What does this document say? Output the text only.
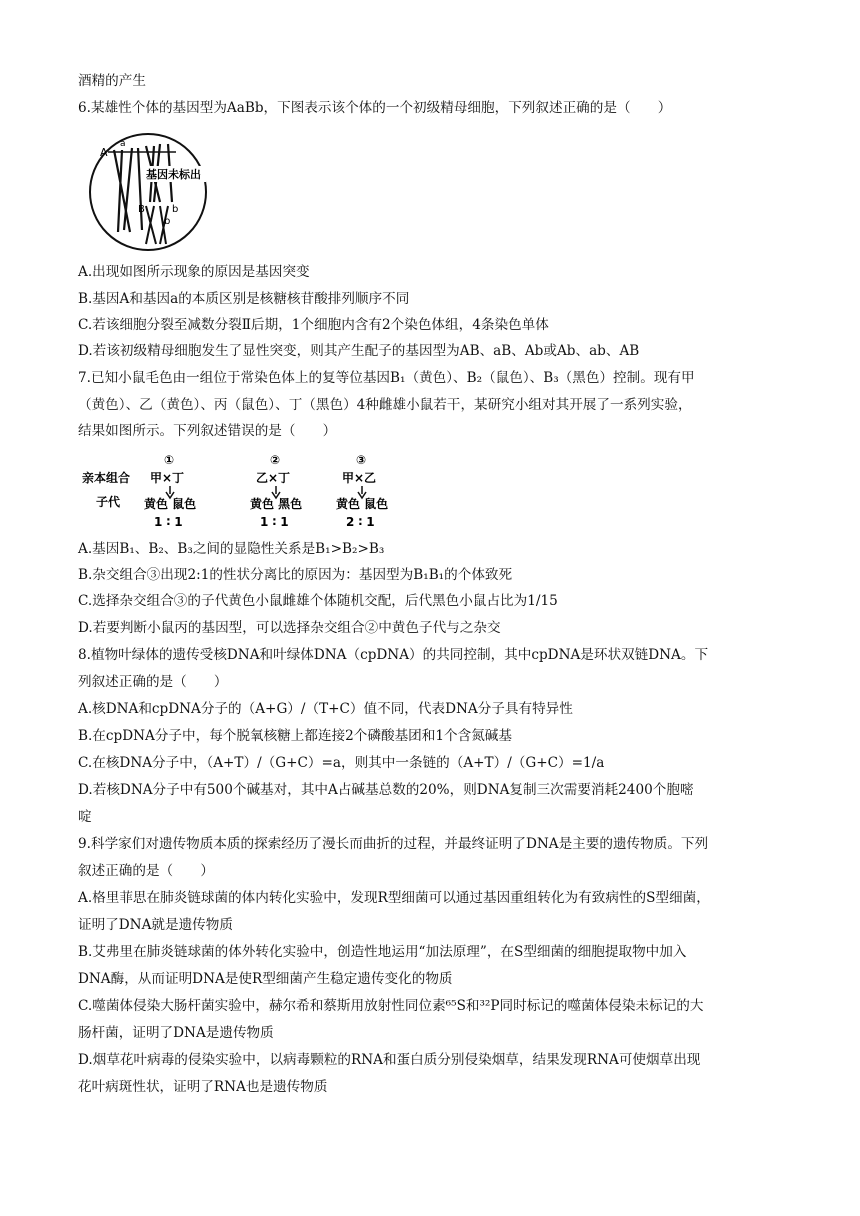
酒精的产生
6.某雄性个体的基因型为AaBb，下图表示该个体的一个初级精母细胞，下列叙述正确的是（　　）
A
a
B	b
b
基因未标出
A.出现如图所示现象的原因是基因突变
B.基因A和基因a的本质区别是核糖核苷酸排列顺序不同
C.若该细胞分裂至减数分裂Ⅱ后期，1个细胞内含有2个染色体组，4条染色单体
D.若该初级精母细胞发生了显性突变，则其产生配子的基因型为AB、aB、Ab或Ab、ab、AB
7.已知小鼠毛色由一组位于常染色体上的复等位基因B₁（黄色）、B₂（鼠色）、B₃（黑色）控制。现有甲
（黄色）、乙（黄色）、丙（鼠色）、丁（黑色）4种雌雄小鼠若干，某研究小组对其开展了一系列实验，
结果如图所示。下列叙述错误的是（　　）
亲本组合
子代
①
甲×丁
黄色 鼠色
1 ∶ 1
②
乙×丁
黄色 黑色
1 ∶ 1
③
甲×乙
黄色 鼠色
2 ∶ 1
A.基因B₁、B₂、B₃之间的显隐性关系是B₁>B₂>B₃
B.杂交组合③出现2:1的性状分离比的原因为：基因型为B₁B₁的个体致死
C.选择杂交组合③的子代黄色小鼠雌雄个体随机交配，后代黑色小鼠占比为1/15
D.若要判断小鼠丙的基因型，可以选择杂交组合②中黄色子代与之杂交
8.植物叶绿体的遗传受核DNA和叶绿体DNA（cpDNA）的共同控制，其中cpDNA是环状双链DNA。下
列叙述正确的是（　　）
A.核DNA和cpDNA分子的（A+G）/（T+C）值不同，代表DNA分子具有特异性
B.在cpDNA分子中，每个脱氧核糖上都连接2个磷酸基团和1个含氮碱基
C.在核DNA分子中，（A+T）/（G+C）=a，则其中一条链的（A+T）/（G+C）=1/a
D.若核DNA分子中有500个碱基对，其中A占碱基总数的20%，则DNA复制三次需要消耗2400个胞嘧
啶
9.科学家们对遗传物质本质的探索经历了漫长而曲折的过程，并最终证明了DNA是主要的遗传物质。下列
叙述正确的是（　　）
A.格里菲思在肺炎链球菌的体内转化实验中，发现R型细菌可以通过基因重组转化为有致病性的S型细菌，
证明了DNA就是遗传物质
B.艾弗里在肺炎链球菌的体外转化实验中，创造性地运用“加法原理”，在S型细菌的细胞提取物中加入
DNA酶，从而证明DNA是使R型细菌产生稳定遗传变化的物质
C.噬菌体侵染大肠杆菌实验中，赫尔希和蔡斯用放射性同位素⁶⁵S和³²P同时标记的噬菌体侵染未标记的大
肠杆菌，证明了DNA是遗传物质
D.烟草花叶病毒的侵染实验中，以病毒颗粒的RNA和蛋白质分别侵染烟草，结果发现RNA可使烟草出现
花叶病斑性状，证明了RNA也是遗传物质
